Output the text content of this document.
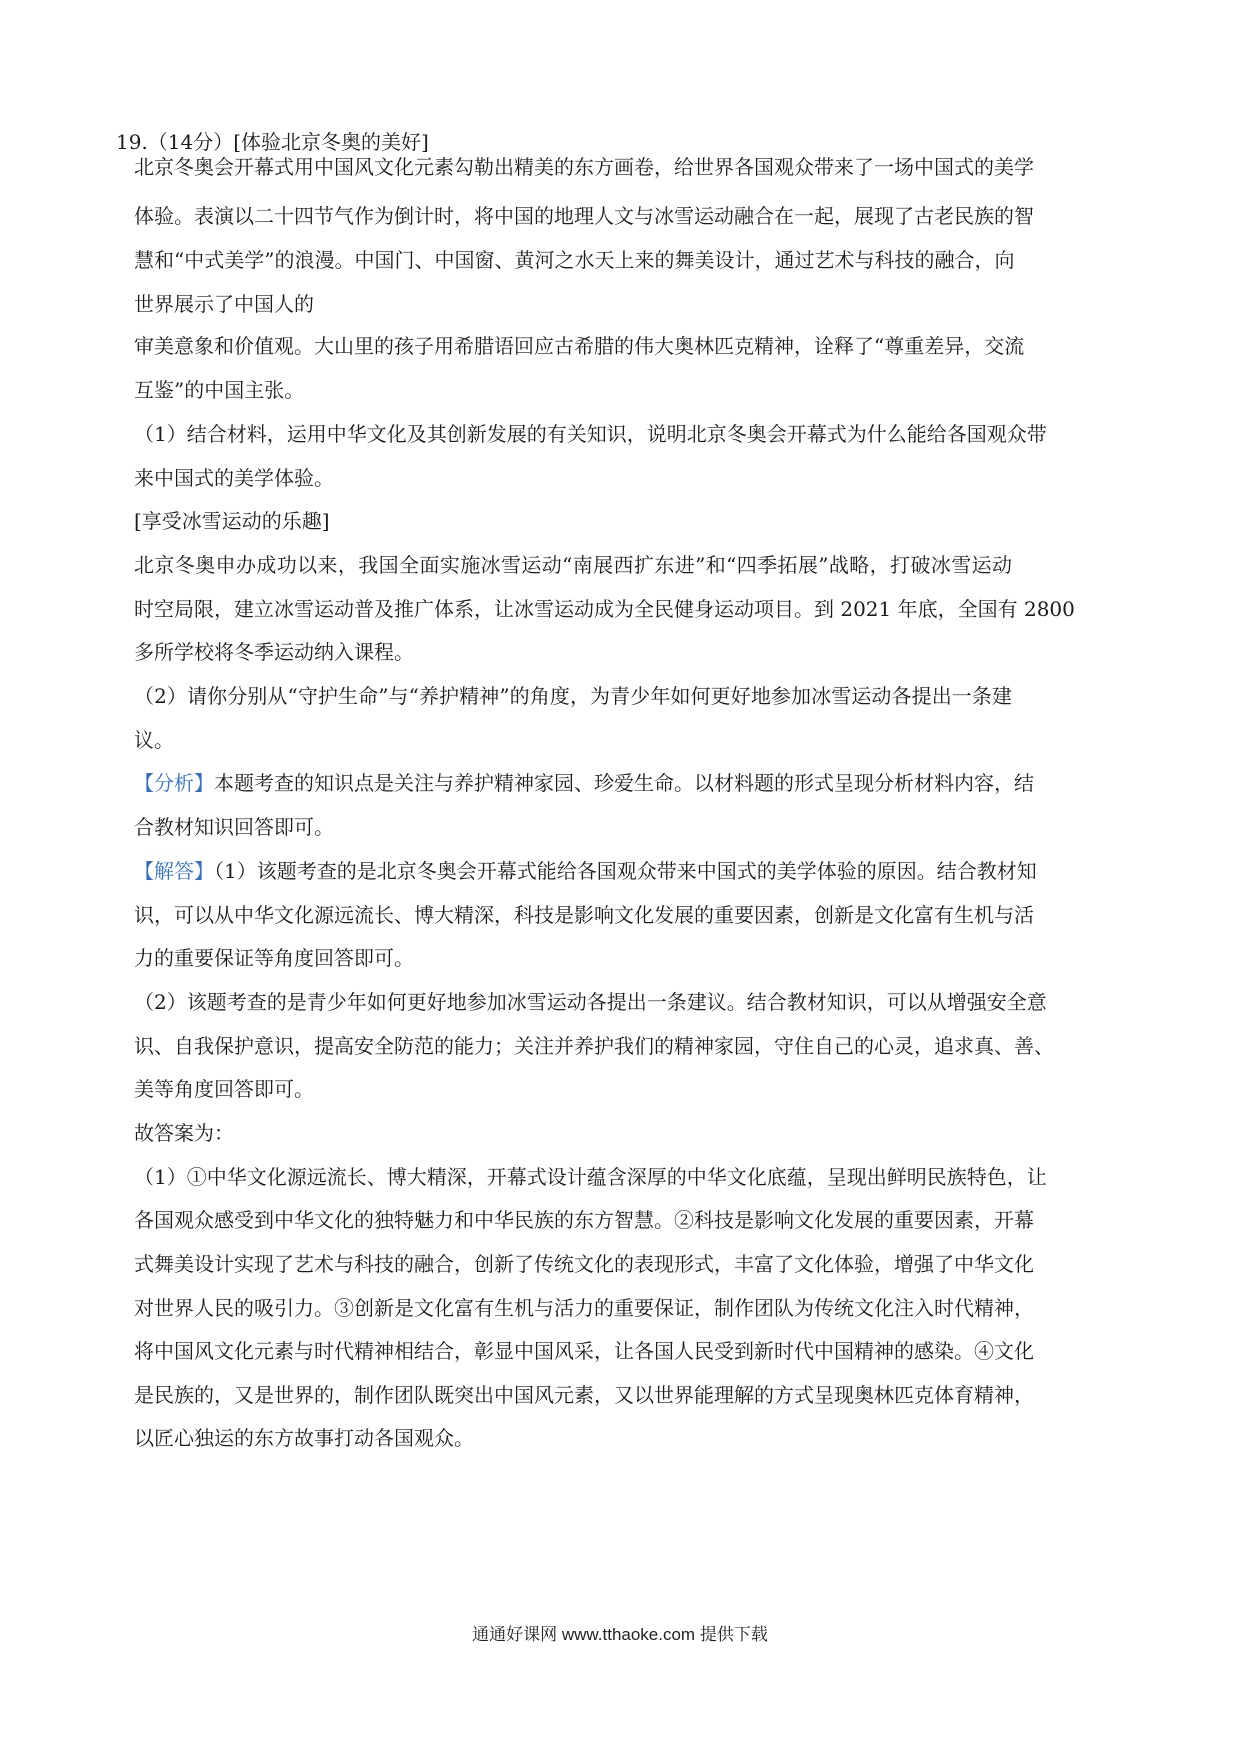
19.（14分）[体验北京冬奥的美好]

北京冬奥会开幕式用中国风文化元素勾勒出精美的东方画卷，给世界各国观众带来了一场中国式的美学

体验。表演以二十四节气作为倒计时，将中国的地理人文与冰雪运动融合在一起，展现了古老民族的智

慧和“中式美学”的浪漫。中国门、中国窗、黄河之水天上来的舞美设计，通过艺术与科技的融合，向

世界展示了中国人的

审美意象和价值观。大山里的孩子用希腊语回应古希腊的伟大奥林匹克精神，诠释了“尊重差异，交流

互鉴”的中国主张。

（1）结合材料，运用中华文化及其创新发展的有关知识，说明北京冬奥会开幕式为什么能给各国观众带

来中国式的美学体验。

[享受冰雪运动的乐趣]

北京冬奥申办成功以来，我国全面实施冰雪运动“南展西扩东进”和“四季拓展”战略，打破冰雪运动

时空局限，建立冰雪运动普及推广体系，让冰雪运动成为全民健身运动项目。到 2021 年底，全国有 2800

多所学校将冬季运动纳入课程。

（2）请你分别从“守护生命”与“养护精神”的角度，为青少年如何更好地参加冰雪运动各提出一条建

议。

【分析】本题考查的知识点是关注与养护精神家园、珍爱生命。以材料题的形式呈现分析材料内容，结

合教材知识回答即可。

【解答】（1）该题考查的是北京冬奥会开幕式能给各国观众带来中国式的美学体验的原因。结合教材知

识，可以从中华文化源远流长、博大精深，科技是影响文化发展的重要因素，创新是文化富有生机与活

力的重要保证等角度回答即可。

（2）该题考查的是青少年如何更好地参加冰雪运动各提出一条建议。结合教材知识，可以从增强安全意

识、自我保护意识，提高安全防范的能力；关注并养护我们的精神家园，守住自己的心灵，追求真、善、

美等角度回答即可。

故答案为：

（1）①中华文化源远流长、博大精深，开幕式设计蕴含深厚的中华文化底蕴，呈现出鲜明民族特色，让

各国观众感受到中华文化的独特魅力和中华民族的东方智慧。②科技是影响文化发展的重要因素，开幕

式舞美设计实现了艺术与科技的融合，创新了传统文化的表现形式，丰富了文化体验，增强了中华文化

对世界人民的吸引力。③创新是文化富有生机与活力的重要保证，制作团队为传统文化注入时代精神，

将中国风文化元素与时代精神相结合，彰显中国风采，让各国人民受到新时代中国精神的感染。④文化

是民族的，又是世界的，制作团队既突出中国风元素，又以世界能理解的方式呈现奥林匹克体育精神，

以匠心独运的东方故事打动各国观众。

通通好课网 www.tthaoke.com 提供下载
